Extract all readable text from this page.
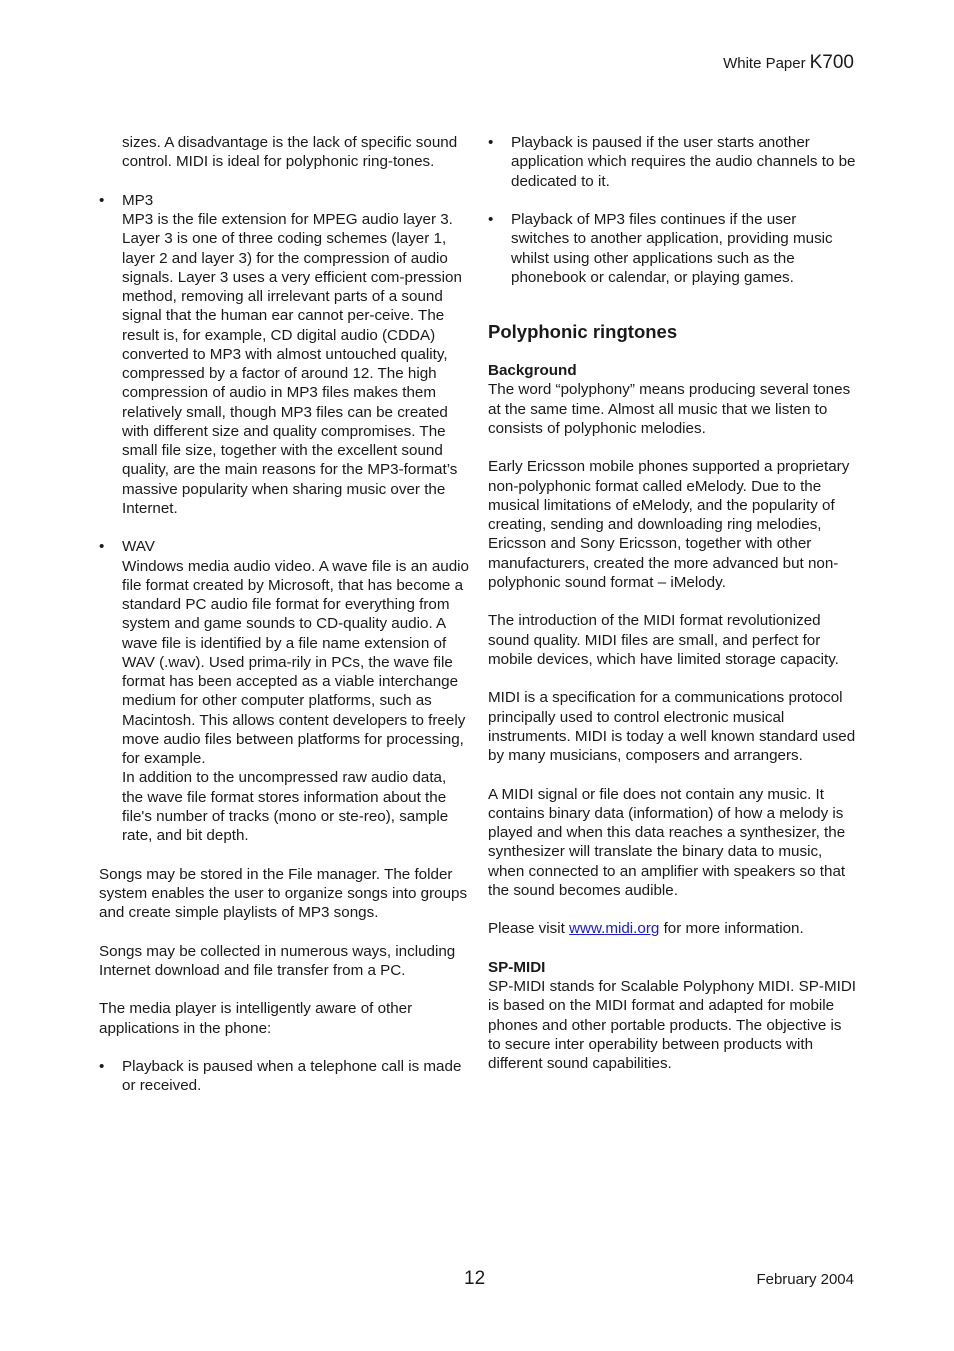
White Paper K700

sizes. A disadvantage is the lack of specific sound control. MIDI is ideal for polyphonic ring-tones.

• MP3
MP3 is the file extension for MPEG audio layer 3. Layer 3 is one of three coding schemes (layer 1, layer 2 and layer 3) for the compression of audio signals. Layer 3 uses a very efficient com-pression method, removing all irrelevant parts of a sound signal that the human ear cannot per-ceive. The result is, for example, CD digital audio (CDDA) converted to MP3 with almost untouched quality, compressed by a factor of around 12. The high compression of audio in MP3 files makes them relatively small, though MP3 files can be created with different size and quality compromises. The small file size, together with the excellent sound quality, are the main reasons for the MP3-format’s massive popularity when sharing music over the Internet.
• WAV
Windows media audio video. A wave file is an audio file format created by Microsoft, that has become a standard PC audio file format for everything from system and game sounds to CD-quality audio. A wave file is identified by a file name extension of WAV (.wav). Used prima-rily in PCs, the wave file format has been accepted as a viable interchange medium for other computer platforms, such as Macintosh. This allows content developers to freely move audio files between platforms for processing, for example.
In addition to the uncompressed raw audio data, the wave file format stores information about the file's number of tracks (mono or ste-reo), sample rate, and bit depth.

Songs may be stored in the File manager. The folder system enables the user to organize songs into groups and create simple playlists of MP3 songs.

Songs may be collected in numerous ways, including Internet download and file transfer from a PC.

The media player is intelligently aware of other applications in the phone:

• Playback is paused when a telephone call is made or received.
• Playback is paused if the user starts another application which requires the audio channels to be dedicated to it.
• Playback of MP3 files continues if the user switches to another application, providing music whilst using other applications such as the phonebook or calendar, or playing games.
Polyphonic ringtones

Background
The word “polyphony” means producing several tones at the same time. Almost all music that we listen to consists of polyphonic melodies.

Early Ericsson mobile phones supported a proprietary non-polyphonic format called eMelody. Due to the musical limitations of eMelody, and the popularity of creating, sending and downloading ring melodies, Ericsson and Sony Ericsson, together with other manufacturers, created the more advanced but non-polyphonic sound format – iMelody.

The introduction of the MIDI format revolutionized sound quality. MIDI files are small, and perfect for mobile devices, which have limited storage capacity.

MIDI is a specification for a communications protocol principally used to control electronic musical instruments. MIDI is today a well known standard used by many musicians, composers and arrangers.

A MIDI signal or file does not contain any music. It contains binary data (information) of how a melody is played and when this data reaches a synthesizer, the synthesizer will translate the binary data to music, when connected to an amplifier with speakers so that the sound becomes audible.

Please visit www.midi.org for more information.

SP-MIDI
SP-MIDI stands for Scalable Polyphony MIDI. SP-MIDI is based on the MIDI format and adapted for mobile phones and other portable products. The objective is to secure inter operability between products with different sound capabilities.

12	February 2004
